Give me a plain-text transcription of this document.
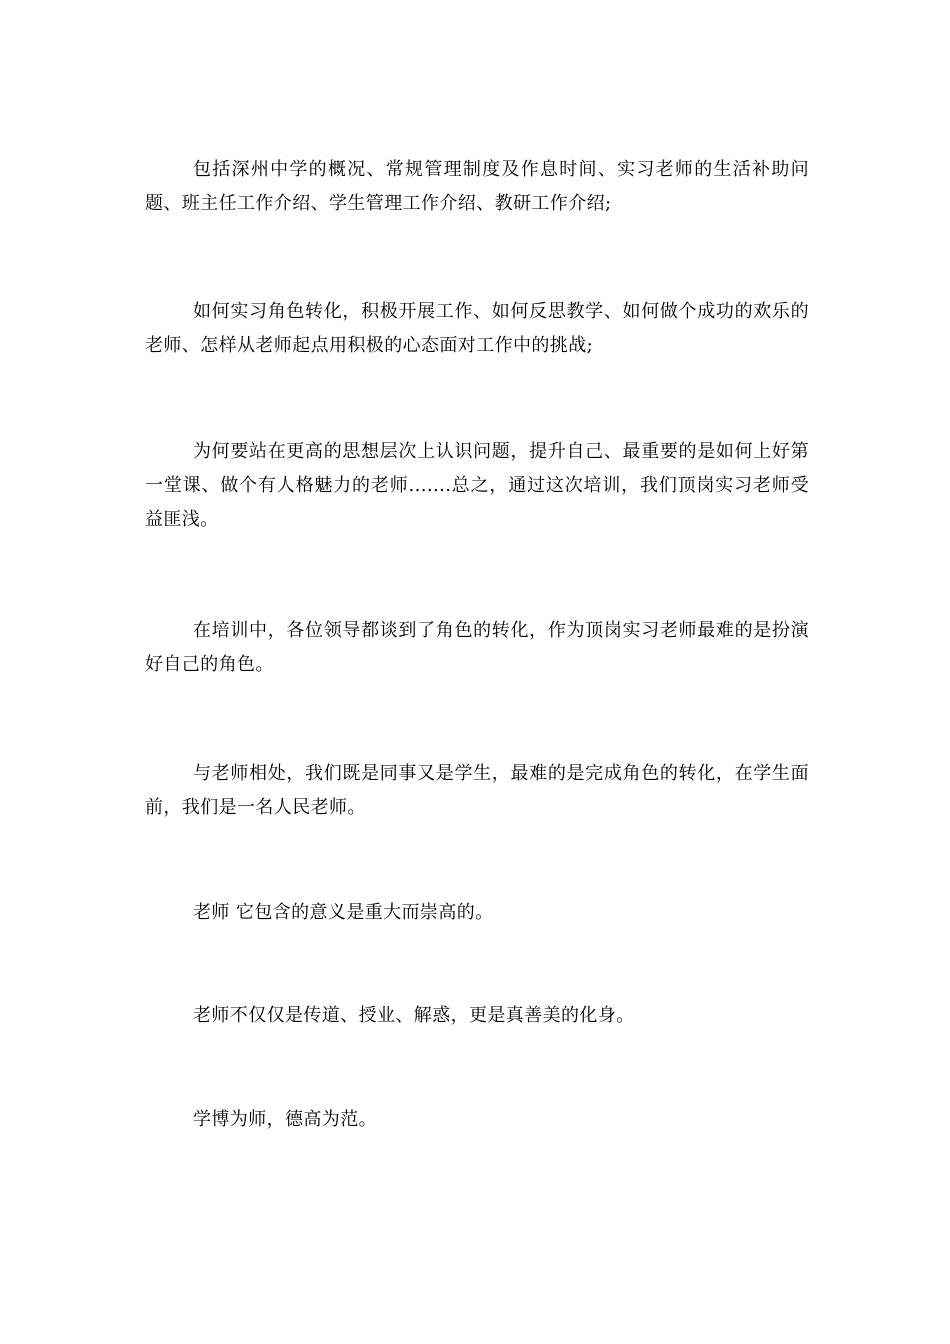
包括深州中学的概况、常规管理制度及作息时间、实习老师的生活补助问题、班主任工作介绍、学生管理工作介绍、教研工作介绍;

如何实习角色转化，积极开展工作、如何反思教学、如何做个成功的欢乐的老师、怎样从老师起点用积极的心态面对工作中的挑战;

为何要站在更高的思想层次上认识问题，提升自己、最重要的是如何上好第一堂课、做个有人格魅力的老师.......总之，通过这次培训，我们顶岗实习老师受益匪浅。

在培训中，各位领导都谈到了角色的转化，作为顶岗实习老师最难的是扮演好自己的角色。

与老师相处，我们既是同事又是学生，最难的是完成角色的转化，在学生面前，我们是一名人民老师。

老师 它包含的意义是重大而崇高的。

老师不仅仅是传道、授业、解惑，更是真善美的化身。

学博为师，德高为范。
